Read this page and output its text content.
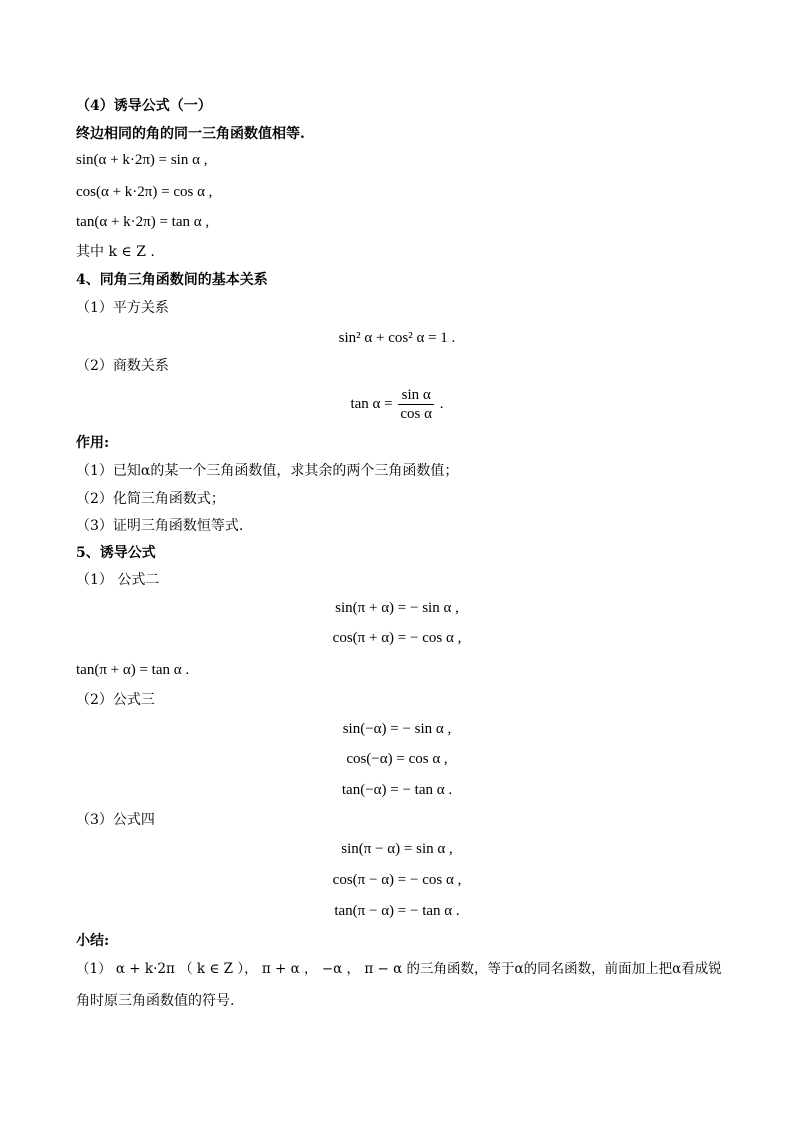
（4）诱导公式（一）
终边相同的角的同一三角函数值相等.
sin(α + k·2π) = sin α ,
cos(α + k·2π) = cos α ,
tan(α + k·2π) = tan α ,
其中 k ∈ Z .
4、同角三角函数间的基本关系
（1）平方关系
sin² α + cos² α = 1 .
（2）商数关系
$\tan \alpha = \frac{\text{sin α}}{\text{cos α}}$ .
作用:
（1）已知α的某一个三角函数值，求其余的两个三角函数值；
（2）化简三角函数式；
（3）证明三角函数恒等式.
5、诱导公式
（1） 公式二
sin(π + α) = − sin α ,
cos(π + α) = − cos α ,
tan(π + α) = tan α .
（2）公式三
sin(−α) = − sin α ,
cos(−α) = cos α ,
tan(−α) = − tan α .
（3）公式四
sin(π − α) = sin α ,
cos(π − α) = − cos α ,
tan(π − α) = − tan α .
小结:
（1） α + k·2π （ k ∈ Z ）， π + α ， −α ， π − α 的三角函数，等于α的同名函数，前面加上把α看成锐
角时原三角函数值的符号.
